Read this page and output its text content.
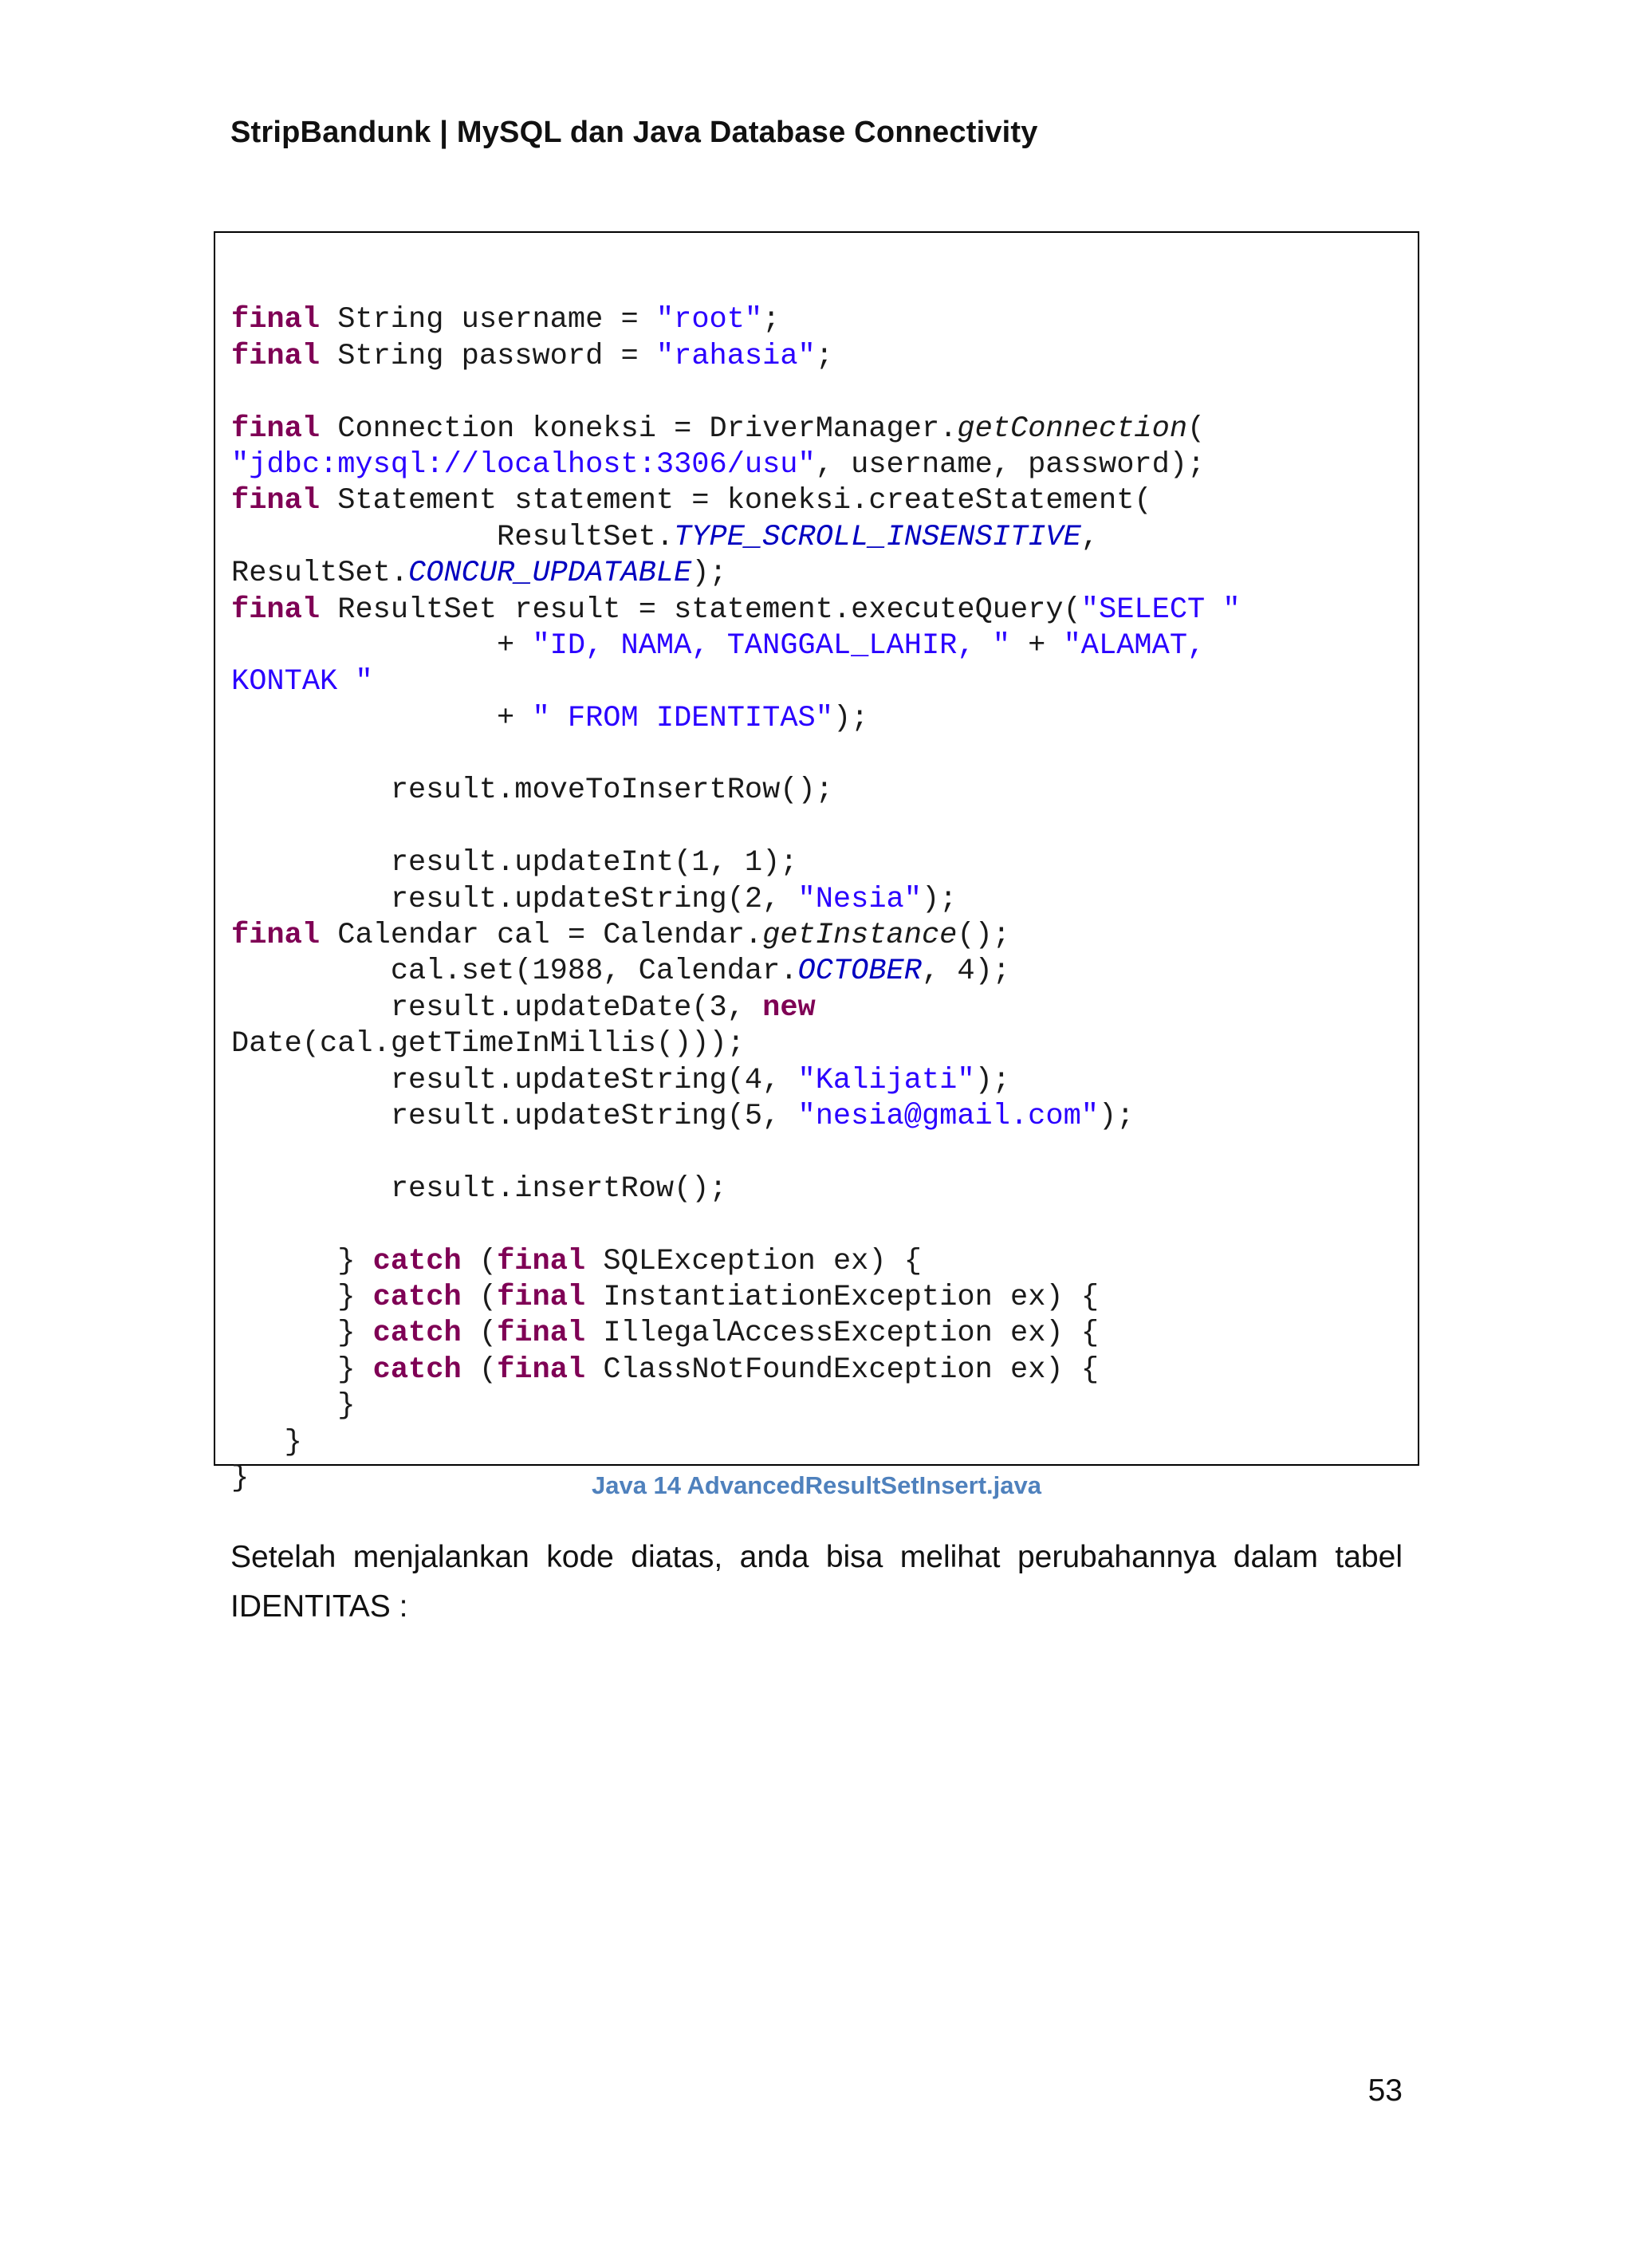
StripBandunk | MySQL dan Java Database Connectivity
final String username = "root";
final String password = "rahasia";
final Connection koneksi = DriverManager.getConnection(
"jdbc:mysql://localhost:3306/usu", username, password);
final Statement statement = koneksi.createStatement(
ResultSet.TYPE_SCROLL_INSENSITIVE,
ResultSet.CONCUR_UPDATABLE);
final ResultSet result = statement.executeQuery("SELECT "
+ "ID, NAMA, TANGGAL_LAHIR, " + "ALAMAT,
KONTAK "
+ " FROM IDENTITAS");
result.moveToInsertRow();
result.updateInt(1, 1);
result.updateString(2, "Nesia");
final Calendar cal = Calendar.getInstance();
cal.set(1988, Calendar.OCTOBER, 4);
result.updateDate(3, new
Date(cal.getTimeInMillis()));
result.updateString(4, "Kalijati");
result.updateString(5, "nesia@gmail.com");
result.insertRow();
} catch (final SQLException ex) {
} catch (final InstantiationException ex) {
} catch (final IllegalAccessException ex) {
} catch (final ClassNotFoundException ex) {
}
}
}	Java 14 AdvancedResultSetInsert.java
Setelah menjalankan kode diatas, anda bisa melihat perubahannya dalam tabel IDENTITAS :
53
